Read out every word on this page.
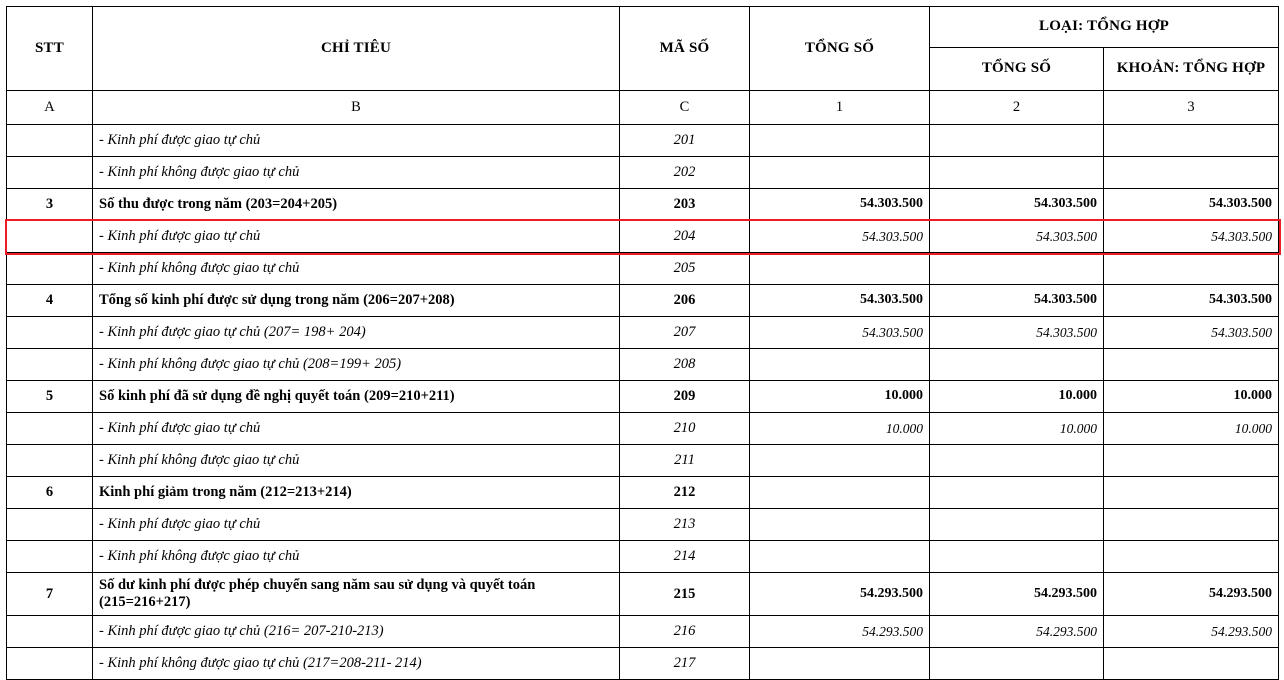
STT	CHỈ TIÊU	MÃ SỐ	TỔNG SỐ	LOẠI: TỔNG HỢP	
				TỔNG SỐ	KHOẢN: TỔNG HỢP
A	B	C	1	2	3
	- Kinh phí được giao tự chủ	201			
	- Kinh phí không được giao tự chủ	202			
3	Số thu được trong năm (203=204+205)	203	54.303.500	54.303.500	54.303.500
	- Kinh phí được giao tự chủ	204	54.303.500	54.303.500	54.303.500
	- Kinh phí không được giao tự chủ	205			
4	Tổng số kinh phí được sử dụng trong năm (206=207+208)	206	54.303.500	54.303.500	54.303.500
	- Kinh phí được giao tự chủ (207= 198+ 204)	207	54.303.500	54.303.500	54.303.500
	- Kinh phí không được giao tự chủ (208=199+ 205)	208			
5	Số kinh phí đã sử dụng đề nghị quyết toán (209=210+211)	209	10.000	10.000	10.000
	- Kinh phí được giao tự chủ	210	10.000	10.000	10.000
	- Kinh phí không được giao tự chủ	211			
6	Kinh phí giảm trong năm (212=213+214)	212			
	- Kinh phí được giao tự chủ	213			
	- Kinh phí không được giao tự chủ	214			
7	Số dư kinh phí được phép chuyển sang năm sau sử dụng và quyết toán (215=216+217)	215	54.293.500	54.293.500	54.293.500
	- Kinh phí được giao tự chủ (216= 207-210-213)	216	54.293.500	54.293.500	54.293.500
	- Kinh phí không được giao tự chủ (217=208-211- 214)	217			
